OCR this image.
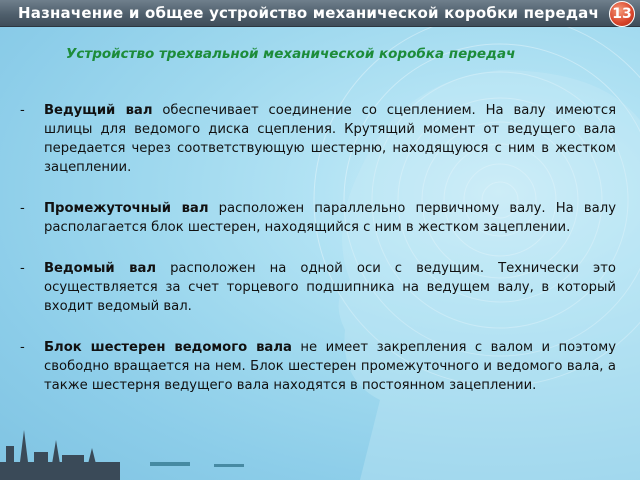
Назначение и общее устройство механической коробки передач 13
Устройство трехвальной механической коробка передач
- Ведущий вал обеспечивает соединение со сцеплением. На валу имеются шлицы для ведомого диска сцепления. Крутящий момент от ведущего вала передается через соответствующую шестерню, находящуюся с ним в жестком зацеплении.
- Промежуточный вал расположен параллельно первичному валу. На валу располагается блок шестерен, находящийся с ним в жестком зацеплении.
- Ведомый вал расположен на одной оси с ведущим. Технически это осуществляется за счет торцевого подшипника на ведущем валу, в который входит ведомый вал.
- Блок шестерен ведомого вала не имеет закрепления с валом и поэтому свободно вращается на нем. Блок шестерен промежуточного и ведомого вала, а также шестерня ведущего вала находятся в постоянном зацеплении.
